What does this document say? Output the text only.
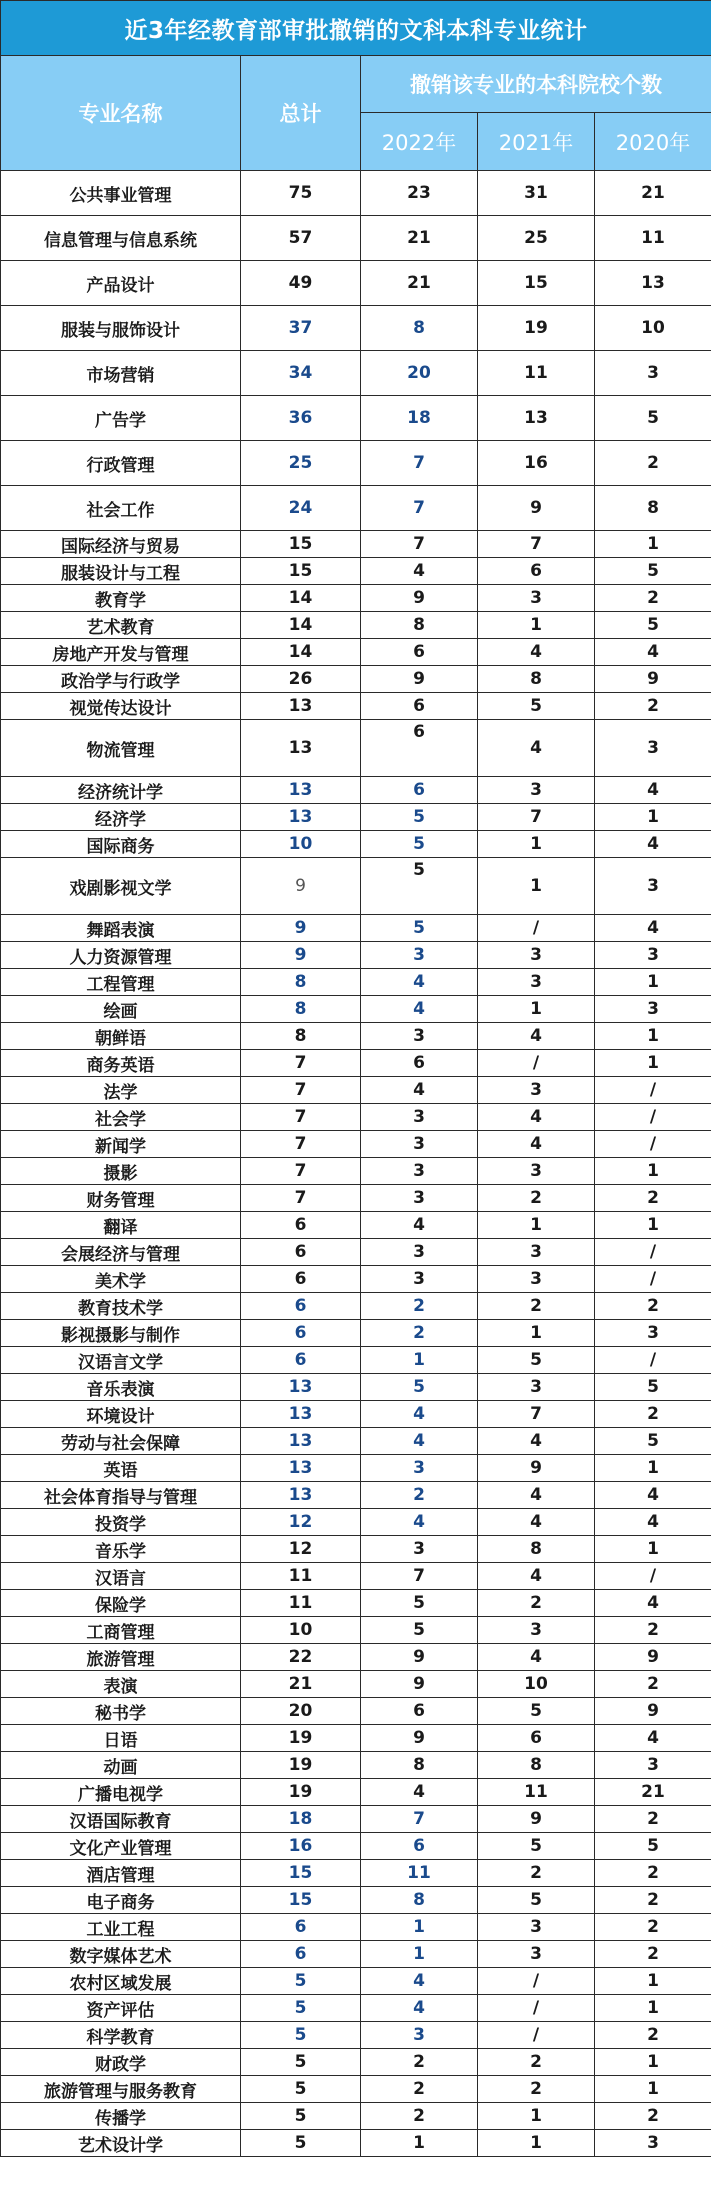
近3年经教育部审批撤销的文科本科专业统计				
专业名称	总计	撤销该专业的本科院校个数		
		2022年	2021年	2020年
公共事业管理	75	23	31	21
信息管理与信息系统	57	21	25	11
产品设计	49	21	15	13
服装与服饰设计	37	8	19	10
市场营销	34	20	11	3
广告学	36	18	13	5
行政管理	25	7	16	2
社会工作	24	7	9	8
国际经济与贸易	15	7	7	1
服装设计与工程	15	4	6	5
教育学	14	9	3	2
艺术教育	14	8	1	5
房地产开发与管理	14	6	4	4
政治学与行政学	26	9	8	9
视觉传达设计	13	6	5	2
物流管理	13	6	4	3
经济统计学	13	6	3	4
经济学	13	5	7	1
国际商务	10	5	1	4
戏剧影视文学	9	5	1	3
舞蹈表演	9	5	/	4
人力资源管理	9	3	3	3
工程管理	8	4	3	1
绘画	8	4	1	3
朝鲜语	8	3	4	1
商务英语	7	6	/	1
法学	7	4	3	/
社会学	7	3	4	/
新闻学	7	3	4	/
摄影	7	3	3	1
财务管理	7	3	2	2
翻译	6	4	1	1
会展经济与管理	6	3	3	/
美术学	6	3	3	/
教育技术学	6	2	2	2
影视摄影与制作	6	2	1	3
汉语言文学	6	1	5	/
音乐表演	13	5	3	5
环境设计	13	4	7	2
劳动与社会保障	13	4	4	5
英语	13	3	9	1
社会体育指导与管理	13	2	4	4
投资学	12	4	4	4
音乐学	12	3	8	1
汉语言	11	7	4	/
保险学	11	5	2	4
工商管理	10	5	3	2
旅游管理	22	9	4	9
表演	21	9	10	2
秘书学	20	6	5	9
日语	19	9	6	4
动画	19	8	8	3
广播电视学	19	4	11	21
汉语国际教育	18	7	9	2
文化产业管理	16	6	5	5
酒店管理	15	11	2	2
电子商务	15	8	5	2
工业工程	6	1	3	2
数字媒体艺术	6	1	3	2
农村区域发展	5	4	/	1
资产评估	5	4	/	1
科学教育	5	3	/	2
财政学	5	2	2	1
旅游管理与服务教育	5	2	2	1
传播学	5	2	1	2
艺术设计学	5	1	1	3
